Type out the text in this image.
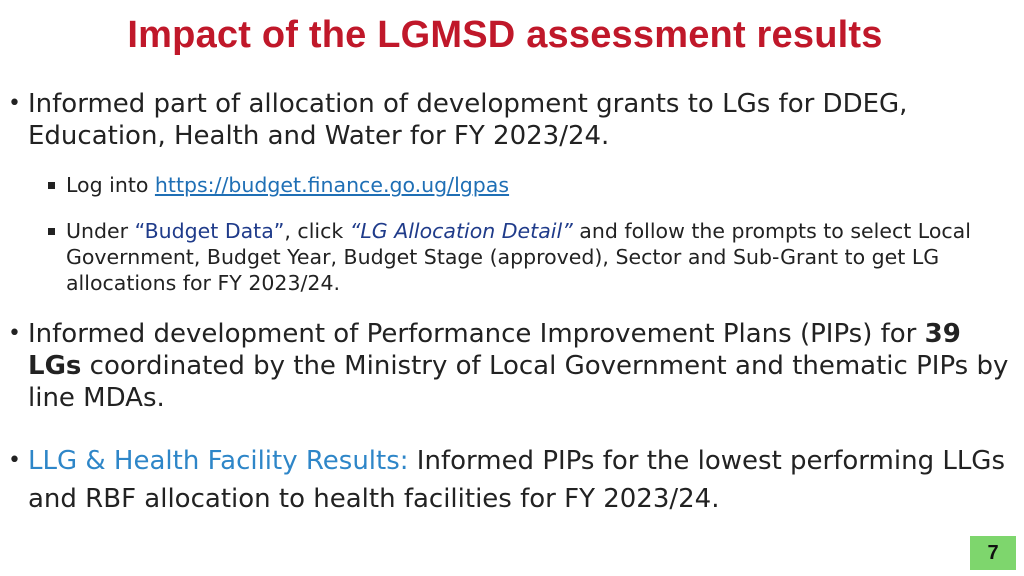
Impact of the LGMSD assessment results
• Informed part of allocation of development grants to LGs for DDEG, Education, Health and Water for FY 2023/24.
Log into https://budget.finance.go.ug/lgpas
Under “Budget Data”, click “LG Allocation Detail” and follow the prompts to select Local Government, Budget Year, Budget Stage (approved), Sector and Sub-Grant to get LG allocations for FY 2023/24.
• Informed development of Performance Improvement Plans (PIPs) for 39 LGs coordinated by the Ministry of Local Government and thematic PIPs by line MDAs.
• LLG & Health Facility Results: Informed PIPs for the lowest performing LLGs and RBF allocation to health facilities for FY 2023/24.
7
